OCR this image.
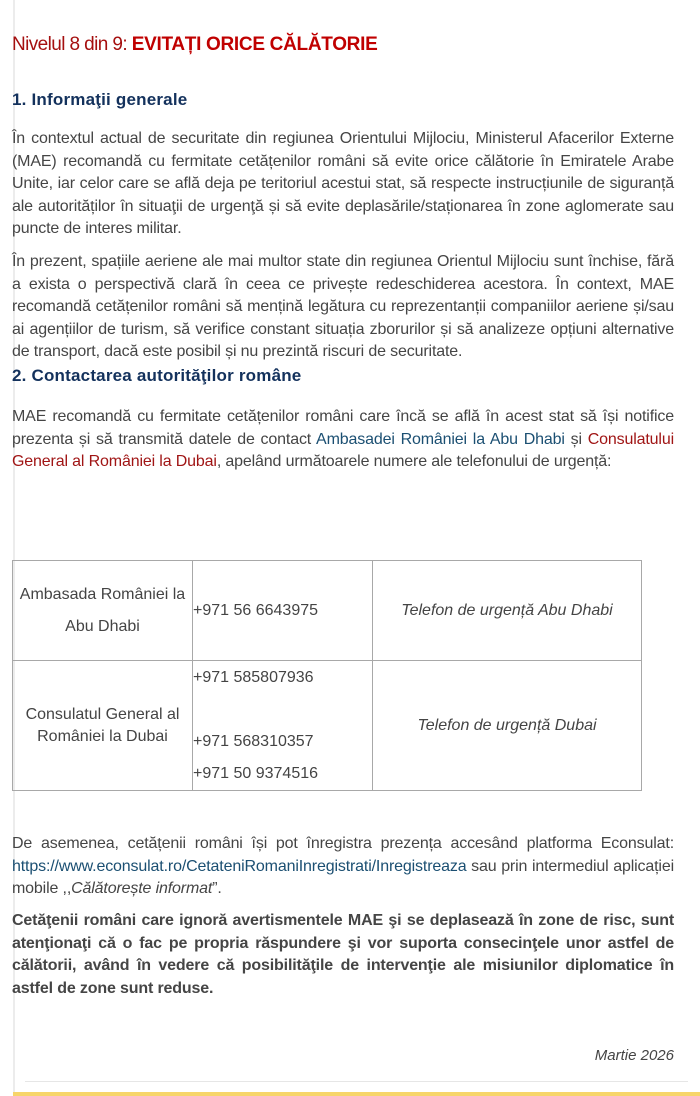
Nivelul 8 din 9: EVITAȚI ORICE CĂLĂTORIE
1. Informaţii generale
În contextul actual de securitate din regiunea Orientului Mijlociu, Ministerul Afacerilor Externe (MAE) recomandă cu fermitate cetățenilor români să evite orice călătorie în Emiratele Arabe Unite, iar celor care se află deja pe teritoriul acestui stat, să respecte instrucțiunile de siguranță ale autorităților în situaţii de urgenţă și să evite deplasările/staționarea în zone aglomerate sau puncte de interes militar.
În prezent, spațiile aeriene ale mai multor state din regiunea Orientul Mijlociu sunt închise, fără a exista o perspectivă clară în ceea ce privește redeschiderea acestora. În context, MAE recomandă cetățenilor români să mențină legătura cu reprezentanții companiilor aeriene și/sau ai agențiilor de turism, să verifice constant situația zborurilor și să analizeze opțiuni alternative de transport, dacă este posibil și nu prezintă riscuri de securitate.
2. Contactarea autorităţilor române
MAE recomandă cu fermitate cetățenilor români care încă se află în acest stat să își notifice prezenta și să transmită datele de contact Ambasadei României la Abu Dhabi și Consulatului General al României la Dubai, apelând următoarele numere ale telefonului de urgență:
Ambasada României la Abu Dhabi	+971 56 6643975	Telefon de urgență Abu Dhabi
Consulatul General al României la Dubai	+971 585807936
+971 568310357
+971 50 9374516	Telefon de urgență Dubai
De asemenea, cetățenii români își pot înregistra prezența accesând platforma Econsulat: https://www.econsulat.ro/CetateniRomaniInregistrati/Inregistreaza sau prin intermediul aplicației mobile ,,Călătorește informat”.
Cetăţenii români care ignoră avertismentele MAE şi se deplasează în zone de risc, sunt atenţionaţi că o fac pe propria răspundere şi vor suporta consecinţele unor astfel de călătorii, având în vedere că posibilităţile de intervenţie ale misiunilor diplomatice în astfel de zone sunt reduse.
Martie 2026
